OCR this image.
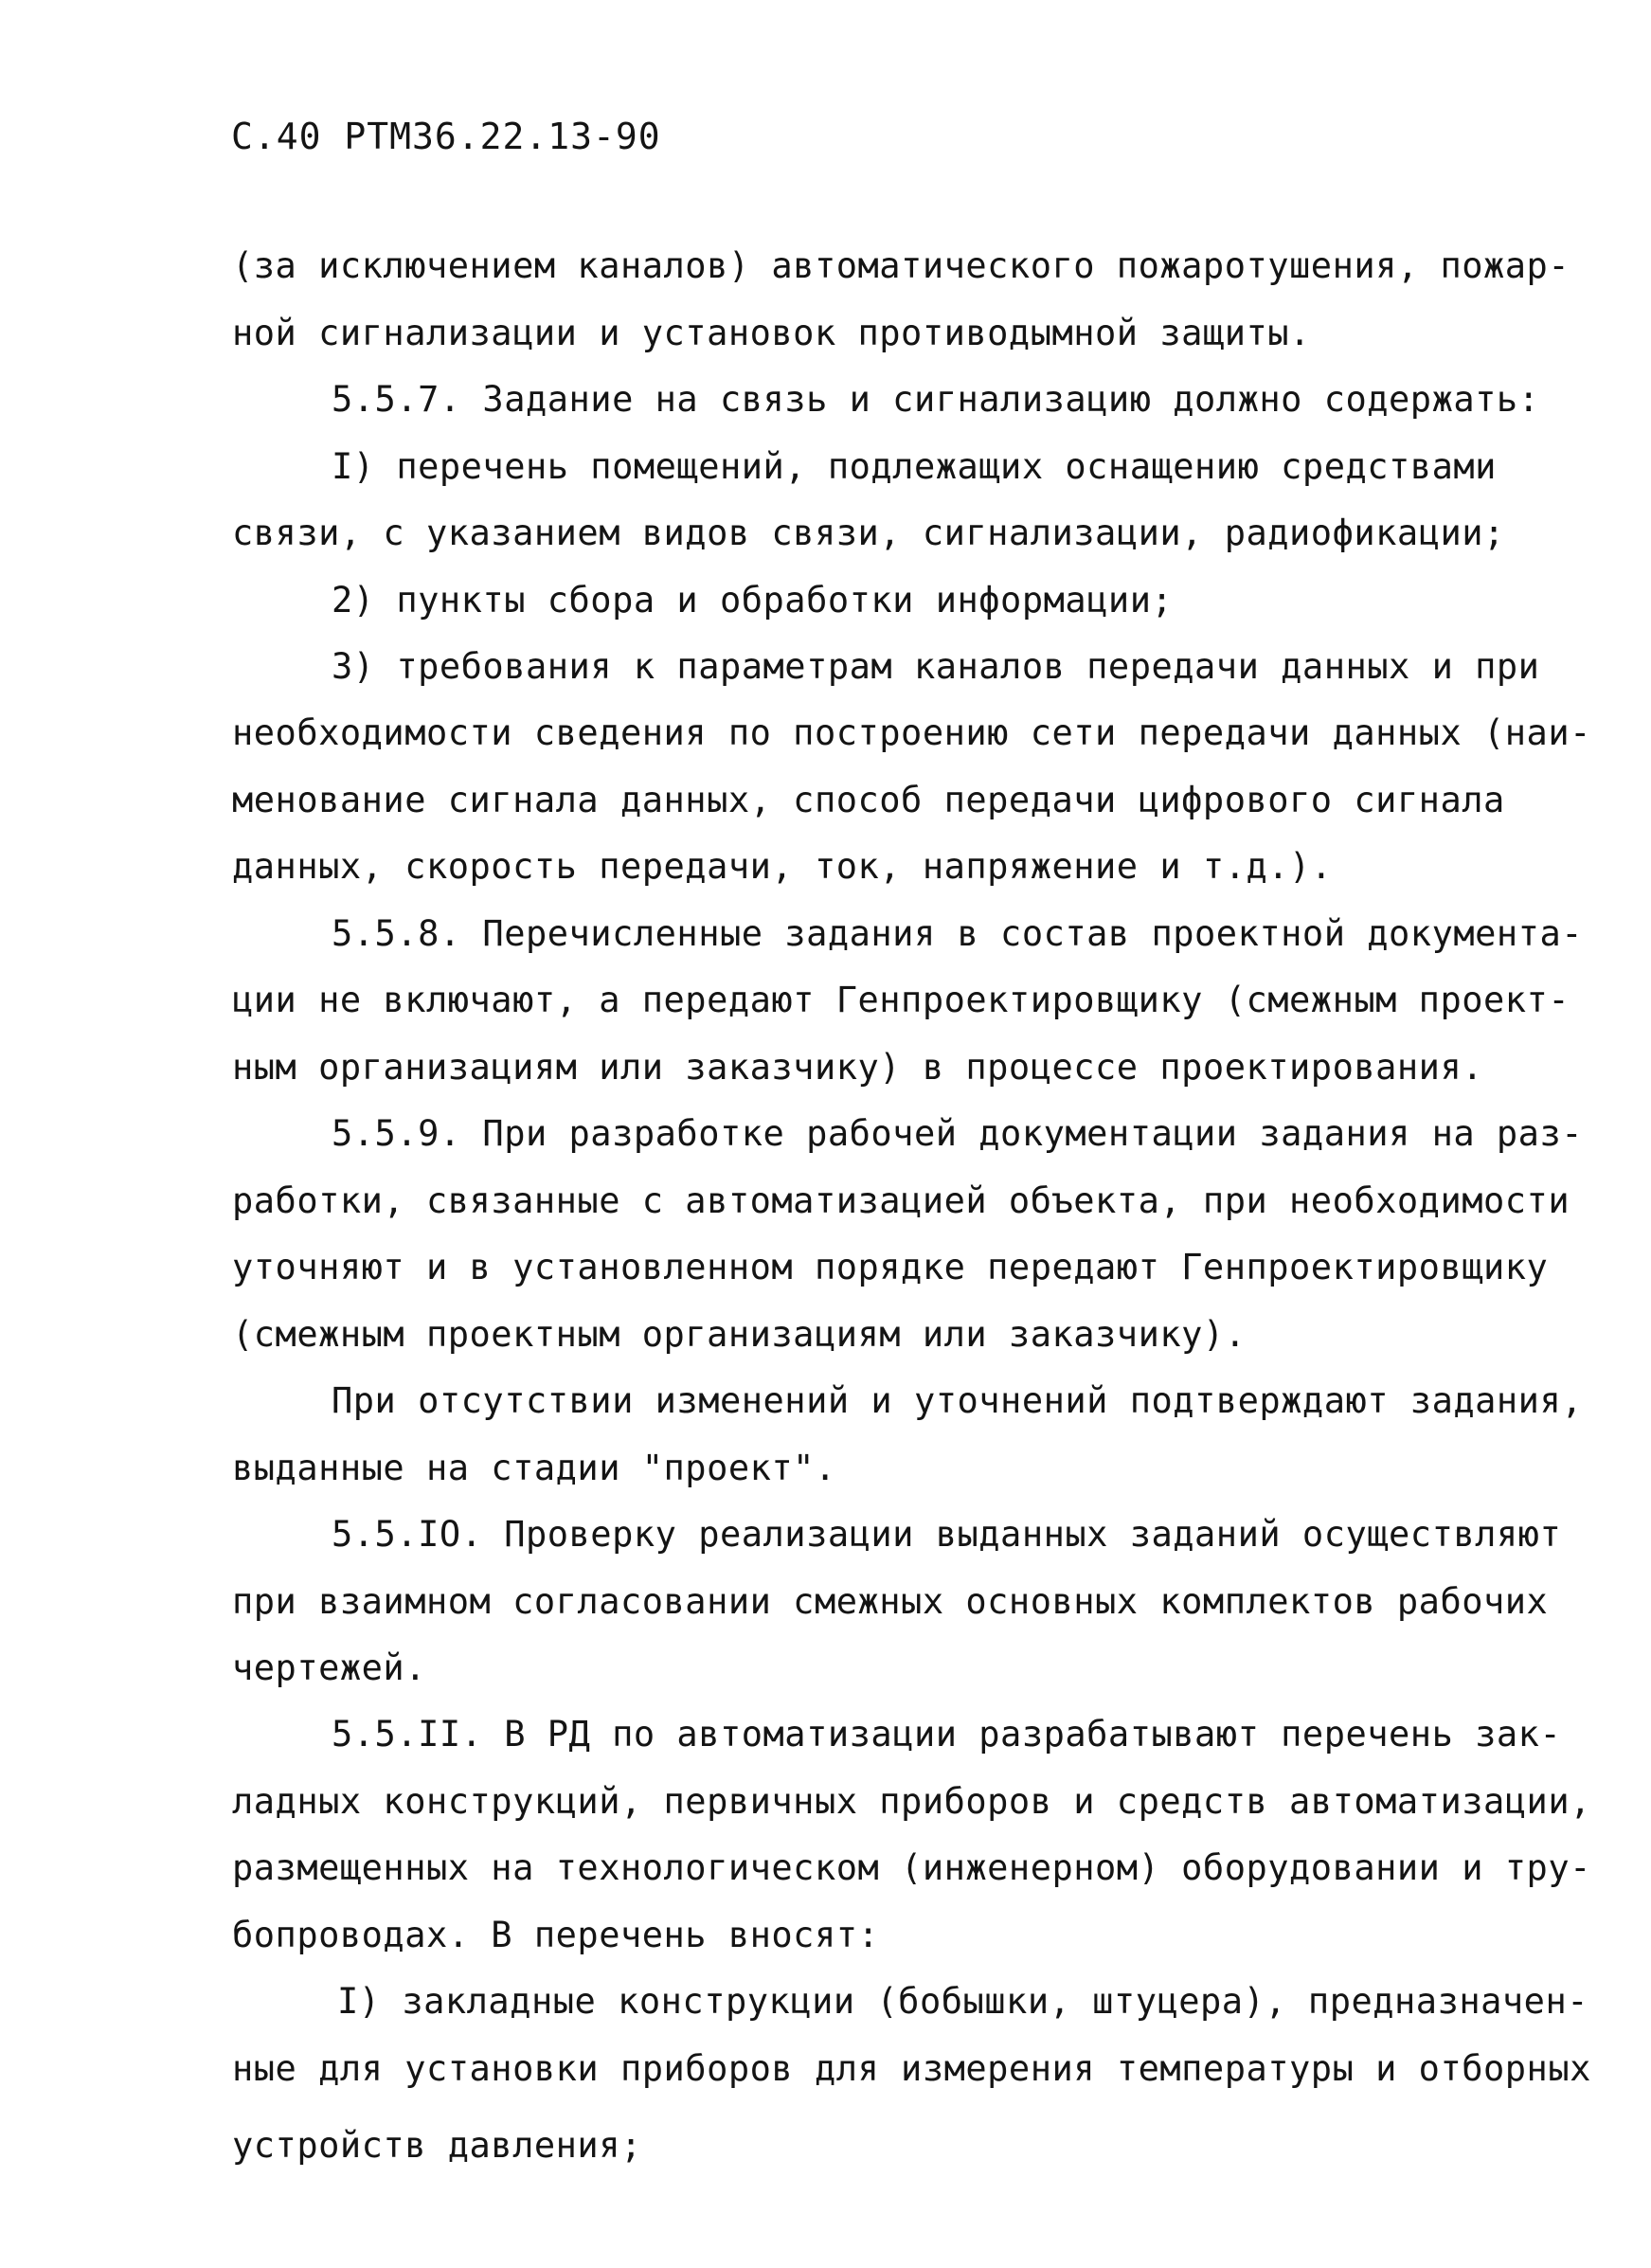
С.40 РТМ36.22.13-90

(за исключением каналов) автоматического пожаротушения, пожар-

ной сигнализации и установок противодымной защиты.

5.5.7. Задание на связь и сигнализацию должно содержать:

I) перечень помещений, подлежащих оснащению средствами

связи, с указанием видов связи, сигнализации, радиофикации;

2) пункты сбора и обработки информации;

3) требования к параметрам каналов передачи данных и при

необходимости сведения по построению сети передачи данных (наи-

менование сигнала данных, способ передачи цифрового сигнала

данных, скорость передачи, ток, напряжение и т.д.).

5.5.8. Перечисленные задания в состав проектной документа-

ции не включают, а передают Генпроектировщику (смежным проект-

ным организациям или заказчику) в процессе проектирования.

5.5.9. При разработке рабочей документации задания на раз-

работки, связанные с автоматизацией объекта, при необходимости

уточняют и в установленном порядке передают Генпроектировщику

(смежным проектным организациям или заказчику).

При отсутствии изменений и уточнений подтверждают задания,

выданные на стадии "проект".

5.5.IO. Проверку реализации выданных заданий осуществляют

при взаимном согласовании смежных основных комплектов рабочих

чертежей.

5.5.II. В РД по автоматизации разрабатывают перечень зак-

ладных конструкций, первичных приборов и средств автоматизации,

размещенных на технологическом (инженерном) оборудовании и тру-

бопроводах. В перечень вносят:

I) закладные конструкции (бобышки, штуцера), предназначен-

ные для установки приборов для измерения температуры и отборных

устройств давления;
